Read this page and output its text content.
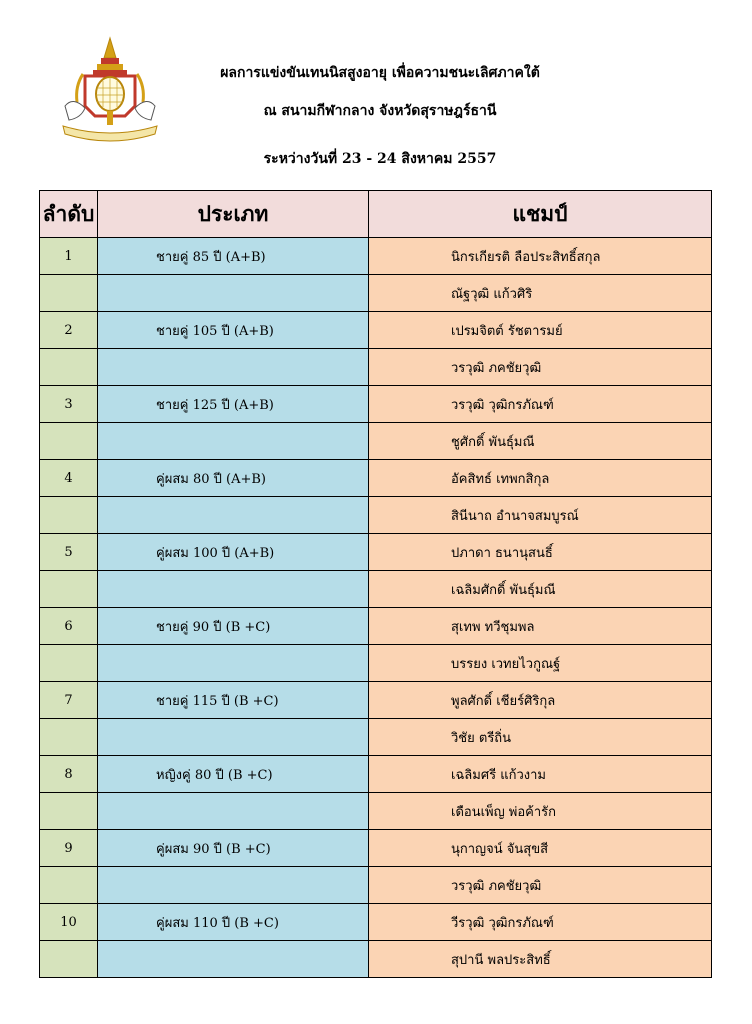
ผลการแข่งขันเทนนิสสูงอายุ เพื่อความชนะเลิศภาคใต้
ณ สนามกีฬากลาง จังหวัดสุราษฎร์ธานี
ระหว่างวันที่ 23 - 24 สิงหาคม 2557
ลำดับ	ประเภท	แชมป์
1	ชายคู่ 85 ปี (A+B)	นิกรเกียรติ ลือประสิทธิ์สกุล
		ณัฐวุฒิ แก้วศิริ
2	ชายคู่ 105 ปี (A+B)	เปรมจิตต์ รัชตารมย์
		วรวุฒิ ภคชัยวุฒิ
3	ชายคู่ 125 ปี (A+B)	วรวุฒิ วุฒิกรภัณฑ์
		ชูศักดิ์ พันธุ์มณี
4	คู่ผสม 80 ปี (A+B)	อัคสิทธ์ เทพกสิกุล
		สินีนาถ อำนาจสมบูรณ์
5	คู่ผสม 100 ปี (A+B)	ปภาดา ธนานุสนธิ์
		เฉลิมศักดิ์ พันธุ์มณี
6	ชายคู่ 90 ปี (B +C)	สุเทพ ทวีชุมพล
		บรรยง เวทยไวกูณฐ์
7	ชายคู่ 115 ปี (B +C)	พูลศักดิ์ เชียร์ศิริกุล
		วิชัย ตรีถิ่น
8	หญิงคู่ 80 ปี (B +C)	เฉลิมศรี แก้วงาม
		เดือนเพ็ญ พ่อค้ารัก
9	คู่ผสม 90 ปี (B +C)	นุกาญจน์ จันสุขสี
		วรวุฒิ ภคชัยวุฒิ
10	คู่ผสม 110 ปี (B +C)	วีรวุฒิ วุฒิกรภัณฑ์
		สุปานี พลประสิทธิ์
